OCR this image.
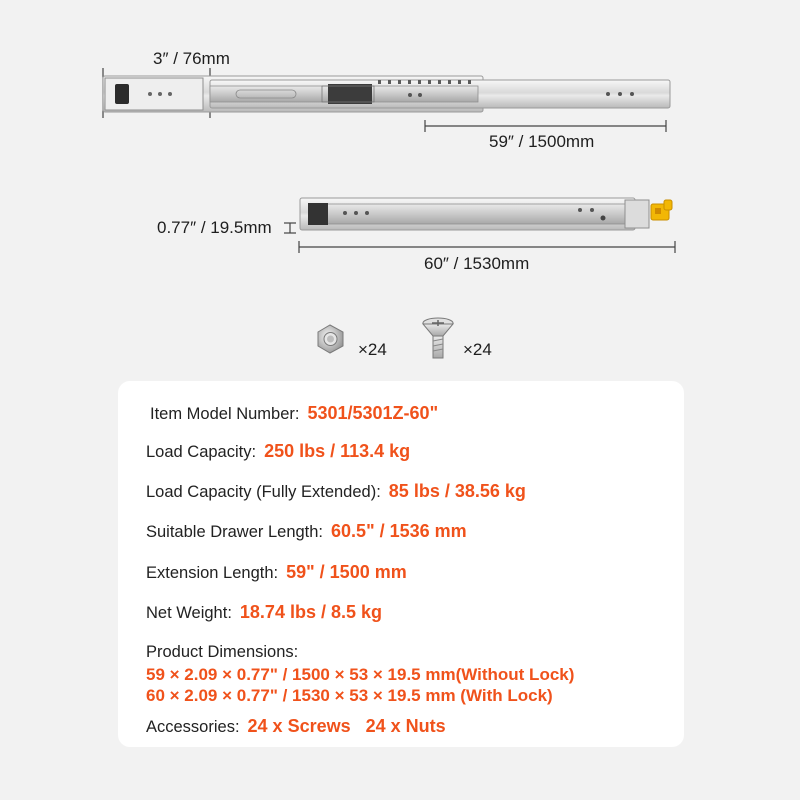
3″ / 76mm
59″ / 1500mm
0.77″ / 19.5mm
60″ / 1530mm
×24	×24
Item Model Number: 5301/5301Z-60"
Load Capacity: 250 lbs / 113.4 kg
Load Capacity (Fully Extended): 85 lbs / 38.56 kg
Suitable Drawer Length: 60.5" / 1536 mm
Extension Length: 59" / 1500 mm
Net Weight: 18.74 lbs / 8.5 kg
Product Dimensions:
59 × 2.09 × 0.77" / 1500 × 53 × 19.5 mm(Without Lock)
60 × 2.09 × 0.77" / 1530 × 53 × 19.5 mm (With Lock)
Accessories: 24 x Screws   24 x Nuts
